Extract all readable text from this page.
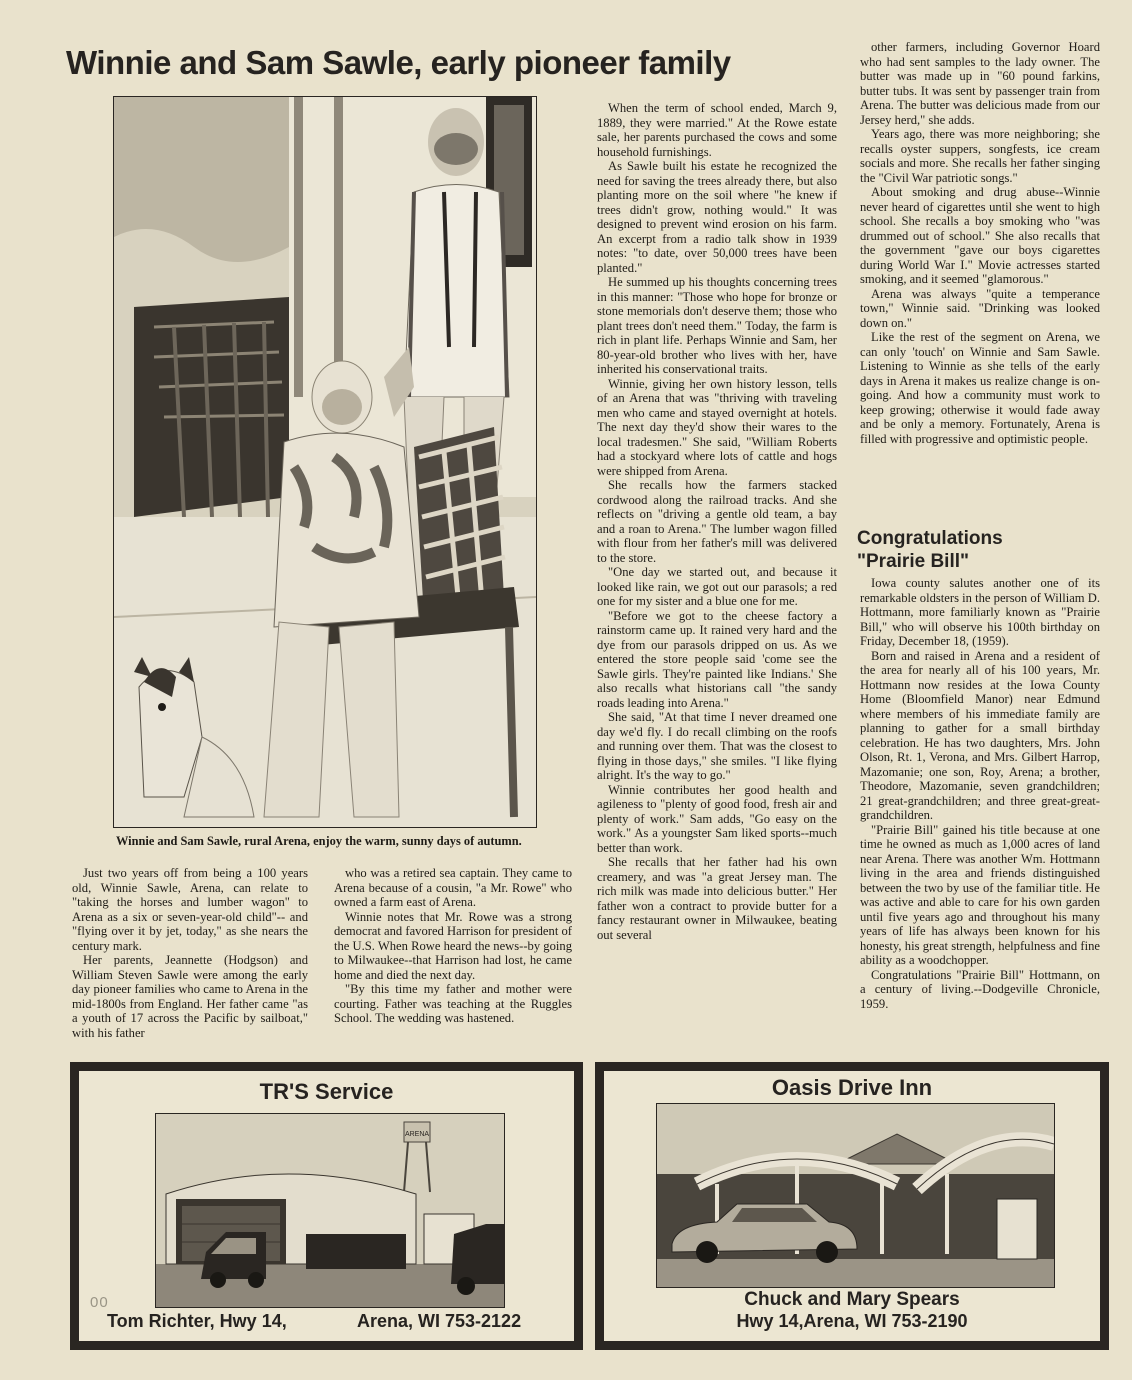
Winnie and Sam Sawle, early pioneer family
Winnie and Sam Sawle, rural Arena, enjoy the warm, sunny days of autumn.

Just two years off from being a 100 years old, Winnie Sawle, Arena, can relate to "taking the horses and lumber wagon" to Arena as a six or seven-year-old child"-- and "flying over it by jet, today," as she nears the century mark.

Her parents, Jeannette (Hodgson) and William Steven Sawle were among the early day pioneer families who came to Arena in the mid-1800s from England. Her father came "as a youth of 17 across the Pacific by sailboat," with his father

who was a retired sea captain. They came to Arena because of a cousin, "a Mr. Rowe" who owned a farm east of Arena.

Winnie notes that Mr. Rowe was a strong democrat and favored Harrison for president of the U.S. When Rowe heard the news--by going to Milwaukee--that Harrison had lost, he came home and died the next day.

"By this time my father and mother were courting. Father was teaching at the Ruggles School. The wedding was hastened.

When the term of school ended, March 9, 1889, they were married." At the Rowe estate sale, her parents purchased the cows and some household furnishings.

As Sawle built his estate he recognized the need for saving the trees already there, but also planting more on the soil where "he knew if trees didn't grow, nothing would." It was designed to prevent wind erosion on his farm. An excerpt from a radio talk show in 1939 notes: "to date, over 50,000 trees have been planted."

He summed up his thoughts concerning trees in this manner: "Those who hope for bronze or stone memorials don't deserve them; those who plant trees don't need them." Today, the farm is rich in plant life. Perhaps Winnie and Sam, her 80-year-old brother who lives with her, have inherited his conservational traits.

Winnie, giving her own history lesson, tells of an Arena that was "thriving with traveling men who came and stayed overnight at hotels. The next day they'd show their wares to the local tradesmen." She said, "William Roberts had a stockyard where lots of cattle and hogs were shipped from Arena.

She recalls how the farmers stacked cordwood along the railroad tracks. And she reflects on "driving a gentle old team, a bay and a roan to Arena." The lumber wagon filled with flour from her father's mill was delivered to the store.

"One day we started out, and because it looked like rain, we got out our parasols; a red one for my sister and a blue one for me.

"Before we got to the cheese factory a rainstorm came up. It rained very hard and the dye from our parasols dripped on us. As we entered the store people said 'come see the Sawle girls. They're painted like Indians.' She also recalls what historians call "the sandy roads leading into Arena."

She said, "At that time I never dreamed one day we'd fly. I do recall climbing on the roofs and running over them. That was the closest to flying in those days," she smiles. "I like flying alright. It's the way to go."

Winnie contributes her good health and agileness to "plenty of good food, fresh air and plenty of work." Sam adds, "Go easy on the work." As a youngster Sam liked sports--much better than work.

She recalls that her father had his own creamery, and was "a great Jersey man. The rich milk was made into delicious butter." Her father won a contract to provide butter for a fancy restaurant owner in Milwaukee, beating out several

other farmers, including Governor Hoard who had sent samples to the lady owner. The butter was made up in "60 pound farkins, butter tubs. It was sent by passenger train from Arena. The butter was delicious made from our Jersey herd," she adds.

Years ago, there was more neighboring; she recalls oyster suppers, songfests, ice cream socials and more. She recalls her father singing the "Civil War patriotic songs."

About smoking and drug abuse--Winnie never heard of cigarettes until she went to high school. She recalls a boy smoking who "was drummed out of school." She also recalls that the government "gave our boys cigarettes during World War I." Movie actresses started smoking, and it seemed "glamorous."

Arena was always "quite a temperance town," Winnie said. "Drinking was looked down on."

Like the rest of the segment on Arena, we can only 'touch' on Winnie and Sam Sawle. Listening to Winnie as she tells of the early days in Arena it makes us realize change is on-going. And how a community must work to keep growing; otherwise it would fade away and be only a memory. Fortunately, Arena is filled with progressive and optimistic people.

Congratulations
"Prairie Bill"

Iowa county salutes another one of its remarkable oldsters in the person of William D. Hottmann, more familiarly known as "Prairie Bill," who will observe his 100th birthday on Friday, December 18, (1959).

Born and raised in Arena and a resident of the area for nearly all of his 100 years, Mr. Hottmann now resides at the Iowa County Home (Bloomfield Manor) near Edmund where members of his immediate family are planning to gather for a small birthday celebration. He has two daughters, Mrs. John Olson, Rt. 1, Verona, and Mrs. Gilbert Harrop, Mazomanie; one son, Roy, Arena; a brother, Theodore, Mazomanie, seven grandchildren; 21 great-grandchildren; and three great-great-grandchildren.

"Prairie Bill" gained his title because at one time he owned as much as 1,000 acres of land near Arena. There was another Wm. Hottmann living in the area and friends distinguished between the two by use of the familiar title. He was active and able to care for his own garden until five years ago and throughout his many years of life has always been known for his honesty, his great strength, helpfulness and fine ability as a woodchopper.

Congratulations "Prairie Bill" Hottmann, on a century of living.--Dodgeville Chronicle, 1959.

TR'S Service
ARENA
Tom Richter, Hwy 14,	Arena, WI 753-2122
Oasis Drive Inn
Chuck and Mary Spears
Hwy 14,Arena, WI 753-2190
00
